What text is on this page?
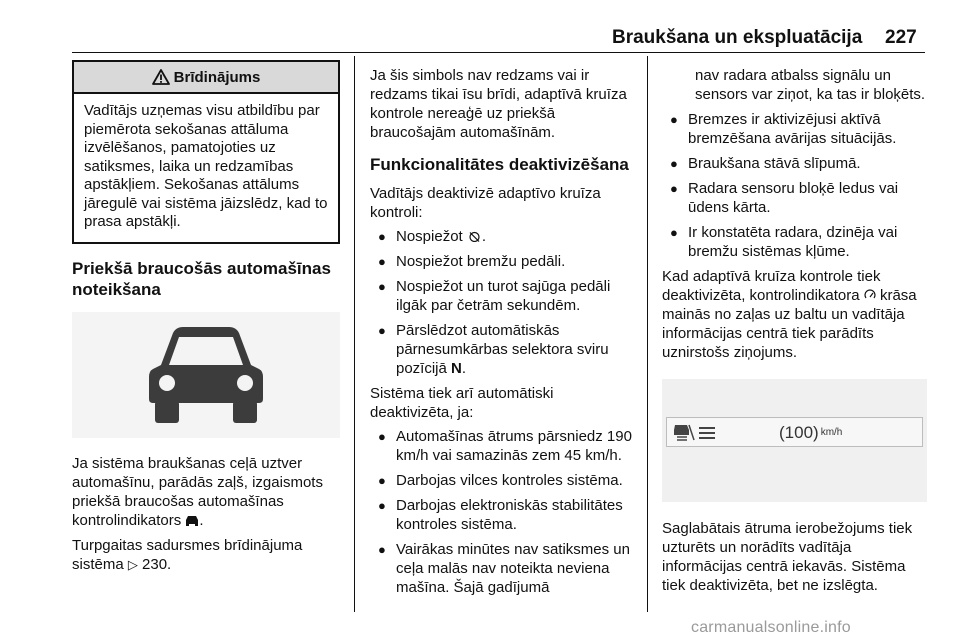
Braukšana un ekspluatācija 227
Brīdinājums
Vadītājs uzņemas visu atbildību par piemērota sekošanas attāluma izvēlēšanos, pamatojoties uz satiksmes, laika un redzamības apstākļiem. Sekošanas attālums jāregulē vai sistēma jāizslēdz, kad to prasa apstākļi.
Priekšā braucošās automašīnas noteikšana

Ja sistēma braukšanas ceļā uztver automašīnu, parādās zaļš, izgaismots priekšā braucošas automašīnas kontrolindikators .

Turpgaitas sadursmes brīdinājuma sistēma ▷ 230.

Ja šis simbols nav redzams vai ir redzams tikai īsu brīdi, adaptīvā kruīza kontrole nereaģē uz priekšā braucošajām automašīnām.

Funkcionalitātes deaktivizēšana

Vadītājs deaktivizē adaptīvo kruīza kontroli:

● Nospiežot .
● Nospiežot bremžu pedāli.
● Nospiežot un turot sajūga pedāli ilgāk par četrām sekundēm.
● Pārslēdzot automātiskās pārnesumkārbas selektora sviru pozīcijā N.

Sistēma tiek arī automātiski deaktivizēta, ja:

● Automašīnas ātrums pārsniedz 190 km/h vai samazinās zem 45 km/h.
● Darbojas vilces kontroles sistēma.
● Darbojas elektroniskās stabilitātes kontroles sistēma.
● Vairākas minūtes nav satiksmes un ceļa malās nav noteikta neviena mašīna. Šajā gadījumā

nav radara atbalss signālu un sensors var ziņot, ka tas ir bloķēts.

● Bremzes ir aktivizējusi aktīvā bremzēšana avārijas situācijās.
● Braukšana stāvā slīpumā.
● Radara sensoru bloķē ledus vai ūdens kārta.
● Ir konstatēta radara, dzinēja vai bremžu sistēmas kļūme.

Kad adaptīvā kruīza kontrole tiek deaktivizēta, kontrolindikatora krāsa mainās no zaļas uz baltu un vadītāja informācijas centrā tiek parādīts uznirstošs ziņojums.

(100) km/h

Saglabātais ātruma ierobežojums tiek uzturēts un norādīts vadītāja informācijas centrā iekavās. Sistēma tiek deaktivizēta, bet ne izslēgta.

carmanualsonline.info
